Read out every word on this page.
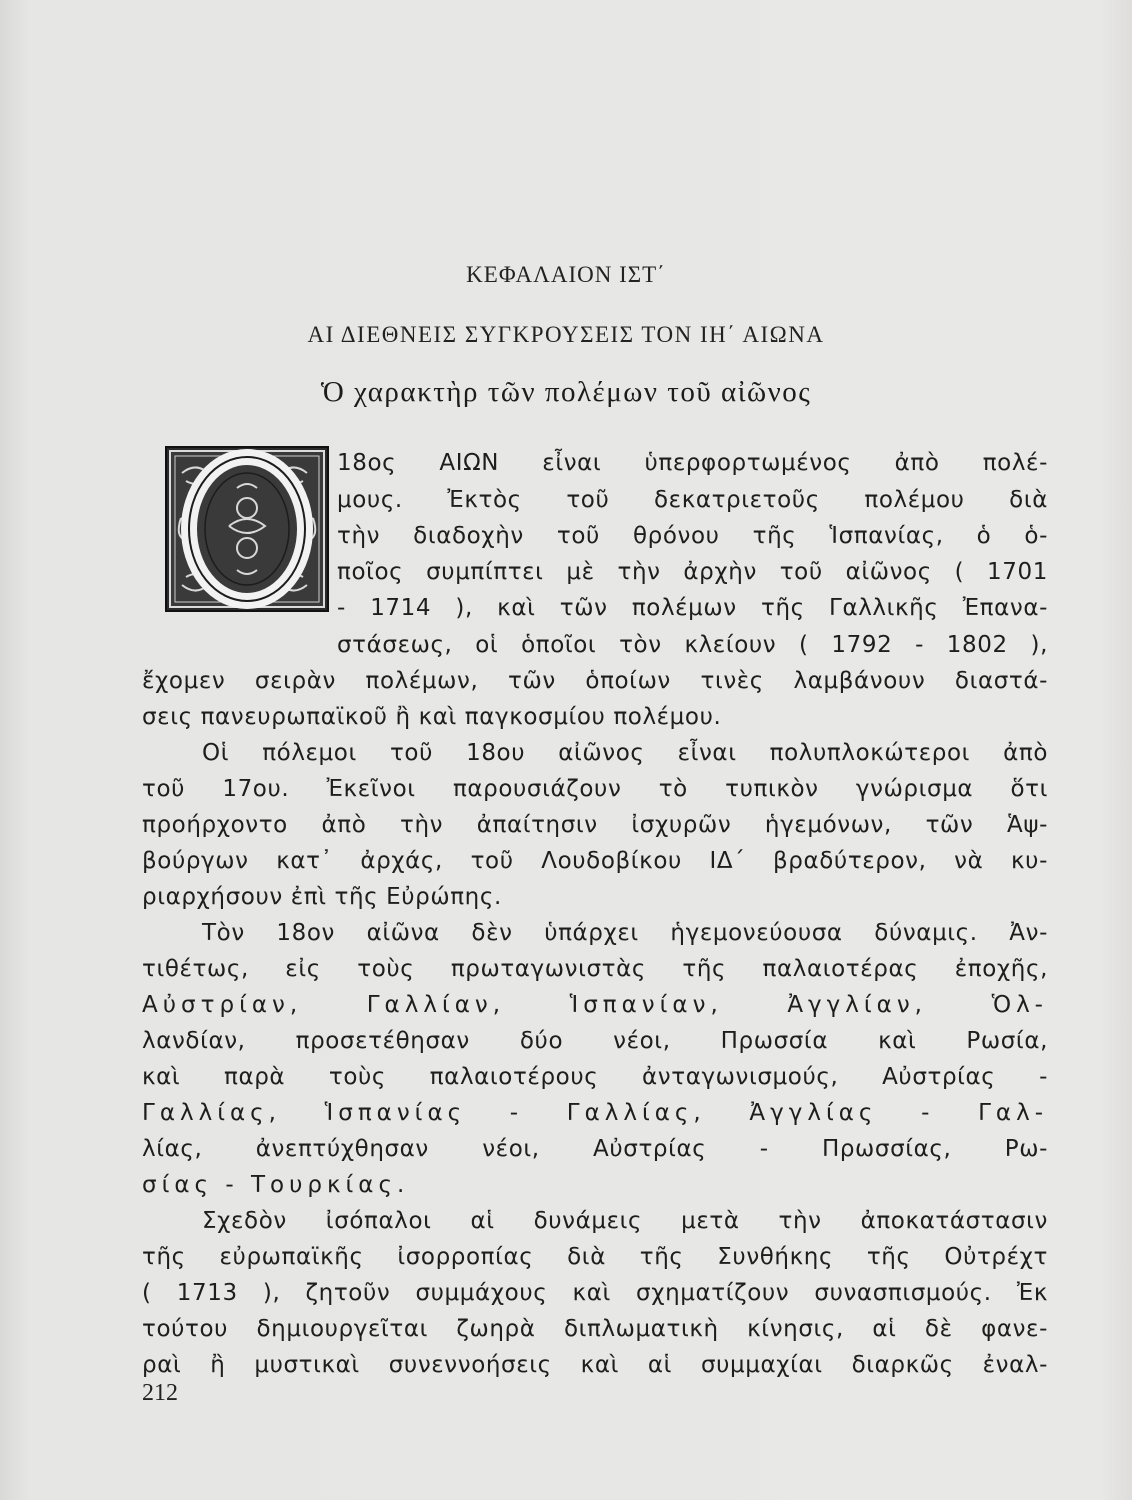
ΚΕΦΑΛΑΙΟΝ ΙΣΤ΄
ΑΙ ΔΙΕΘΝΕΙΣ ΣΥΓΚΡΟΥΣΕΙΣ ΤΟΝ ΙΗ΄ ΑΙΩΝΑ
Ὁ χαρακτὴρ τῶν πολέμων τοῦ αἰῶνος
18ος ΑΙΩΝ εἶναι ὑπερφορτωμένος ἀπὸ πολέ-
μους. Ἐκτὸς τοῦ δεκατριετοῦς πολέμου διὰ
τὴν διαδοχὴν τοῦ θρόνου τῆς Ἱσπανίας, ὁ ὁ-
ποῖος συμπίπτει μὲ τὴν ἀρχὴν τοῦ αἰῶνος ( 1701
- 1714 ), καὶ τῶν πολέμων τῆς Γαλλικῆς Ἐπανα-
στάσεως, οἱ ὁποῖοι τὸν κλείουν ( 1792 - 1802 ),
ἔχομεν σειρὰν πολέμων, τῶν ὁποίων τινὲς λαμβάνουν διαστά-
σεις πανευρωπαϊκοῦ ἢ καὶ παγκοσμίου πολέμου.
Οἱ πόλεμοι τοῦ 18ου αἰῶνος εἶναι πολυπλοκώτεροι ἀπὸ
τοῦ 17ου. Ἐκεῖνοι παρουσιάζουν τὸ τυπικὸν γνώρισμα ὅτι
προήρχοντο ἀπὸ τὴν ἀπαίτησιν ἰσχυρῶν ἡγεμόνων, τῶν Ἁψ-
βούργων κατ᾽ ἀρχάς, τοῦ Λουδοβίκου ΙΔ΄ βραδύτερον, νὰ κυ-
ριαρχήσουν ἐπὶ τῆς Εὐρώπης.
Τὸν 18ον αἰῶνα δὲν ὑπάρχει ἡγεμονεύουσα δύναμις. Ἀν-
τιθέτως, εἰς τοὺς πρωταγωνιστὰς τῆς παλαιοτέρας ἐποχῆς,
Αὐστρίαν, Γαλλίαν, Ἱσπανίαν, Ἀγγλίαν, Ὁλ-
λανδίαν, προσετέθησαν δύο νέοι, Πρωσσία καὶ Ρωσία,
καὶ παρὰ τοὺς παλαιοτέρους ἀνταγωνισμούς, Αὐστρίας -
Γαλλίας, Ἱσπανίας - Γαλλίας, Ἀγγλίας - Γαλ-
λίας, ἀνεπτύχθησαν νέοι, Αὐστρίας - Πρωσσίας, Ρω-
σίας - Τουρκίας.
Σχεδὸν ἰσόπαλοι αἱ δυνάμεις μετὰ τὴν ἀποκατάστασιν
τῆς εὐρωπαϊκῆς ἰσορροπίας διὰ τῆς Συνθήκης τῆς Οὐτρέχτ
( 1713 ), ζητοῦν συμμάχους καὶ σχηματίζουν συνασπισμούς. Ἐκ
τούτου δημιουργεῖται ζωηρὰ διπλωματικὴ κίνησις, αἱ δὲ φανε-
ραὶ ἢ μυστικαὶ συνεννοήσεις καὶ αἱ συμμαχίαι διαρκῶς ἐναλ-
212
